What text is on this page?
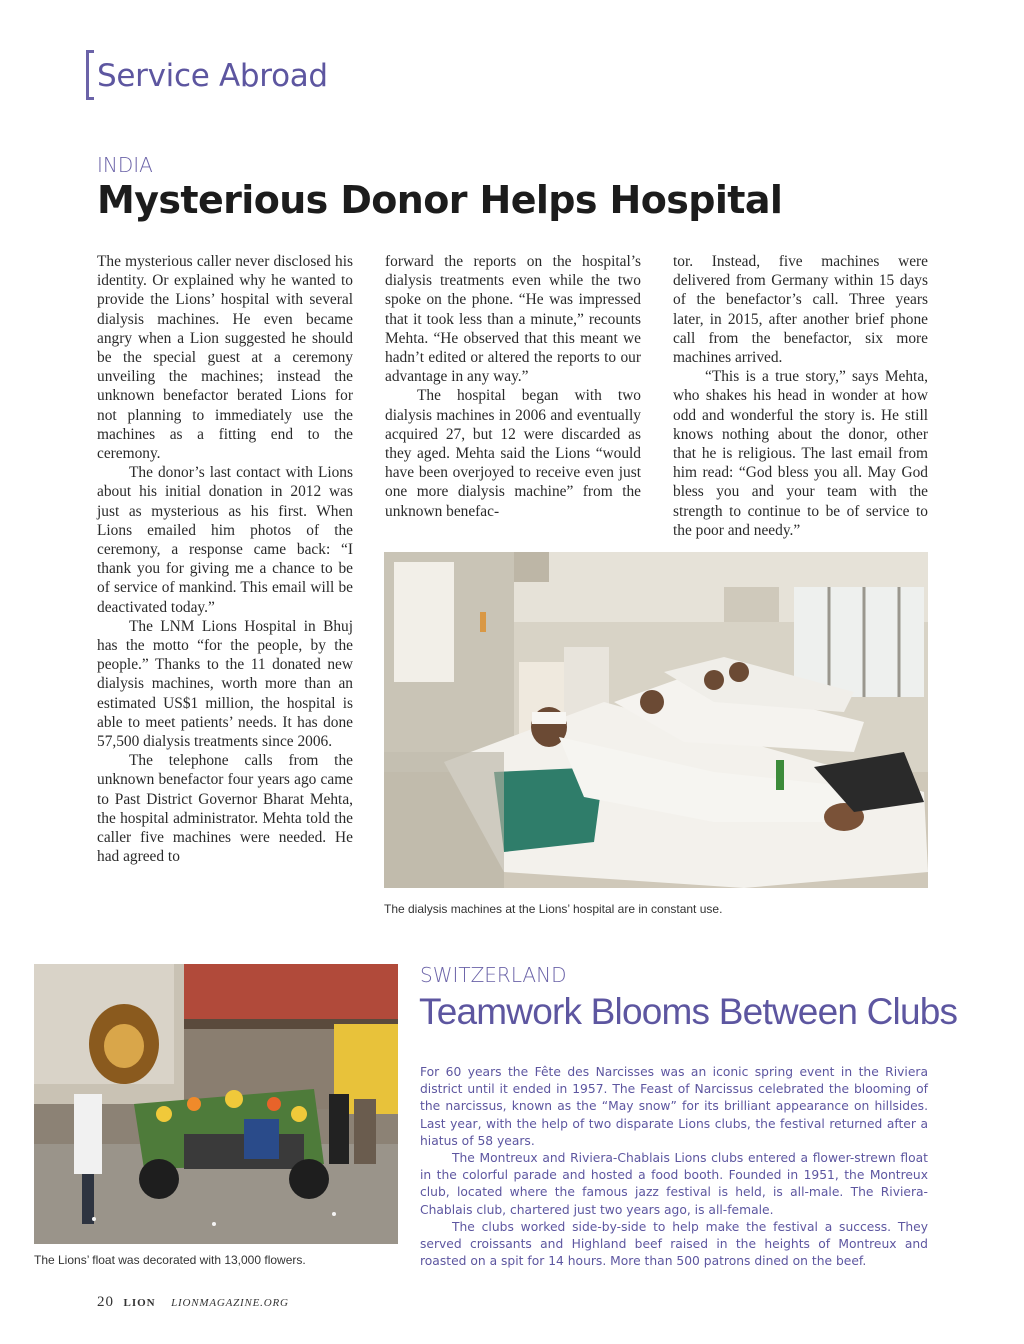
Service Abroad
INDIA
Mysterious Donor Helps Hospital

The mysterious caller never disclosed his identity. Or explained why he wanted to provide the Lions’ hospital with several dialysis machines. He even became angry when a Lion suggested he should be the special guest at a ceremony unveiling the machines; instead the unknown benefactor berated Lions for not planning to immediately use the machines as a fitting end to the ceremony.

The donor’s last contact with Lions about his initial donation in 2012 was just as mysterious as his first. When Lions emailed him photos of the ceremony, a response came back: “I thank you for giving me a chance to be of service of mankind. This email will be deactivated today.”

The LNM Lions Hospital in Bhuj has the motto “for the people, by the people.” Thanks to the 11 donated new dialysis machines, worth more than an estimated US$1 million, the hospital is able to meet patients’ needs. It has done 57,500 dialysis treatments since 2006.

The telephone calls from the unknown benefactor four years ago came to Past District Governor Bharat Mehta, the hospital administrator. Mehta told the caller five machines were needed. He had agreed to

forward the reports on the hospital’s dialysis treatments even while the two spoke on the phone. “He was impressed that it took less than a minute,” recounts Mehta. “He observed that this meant we hadn’t edited or altered the reports to our advantage in any way.”

The hospital began with two dialysis machines in 2006 and eventually acquired 27, but 12 were discarded as they aged. Mehta said the Lions “would have been overjoyed to receive even just one more dialysis machine” from the unknown benefac-

tor. Instead, five machines were delivered from Germany within 15 days of the benefactor’s call. Three years later, in 2015, after another brief phone call from the benefactor, six more machines arrived.

“This is a true story,” says Mehta, who shakes his head in wonder at how odd and wonderful the story is. He still knows nothing about the donor, other that he is religious. The last email from him read: “God bless you all. May God bless you and your team with the strength to continue to be of service to the poor and needy.”

The dialysis machines at the Lions’ hospital are in constant use.
The Lions’ float was decorated with 13,000 flowers.
SWITZERLAND
Teamwork Blooms Between Clubs

For 60 years the Fête des Narcisses was an iconic spring event in the Riviera district until it ended in 1957. The Feast of Narcissus celebrated the blooming of the narcissus, known as the “May snow” for its brilliant appearance on hillsides. Last year, with the help of two disparate Lions clubs, the festival returned after a hiatus of 58 years.

The Montreux and Riviera-Chablais Lions clubs entered a flower-strewn float in the colorful parade and hosted a food booth. Founded in 1951, the Montreux club, located where the famous jazz festival is held, is all-male. The Riviera-Chablais club, chartered just two years ago, is all-female.

The clubs worked side-by-side to help make the festival a success. They served croissants and Highland beef raised in the heights of Montreux and roasted on a spit for 14 hours. More than 500 patrons dined on the beef.

20 LION LIONMAGAZINE.ORG
